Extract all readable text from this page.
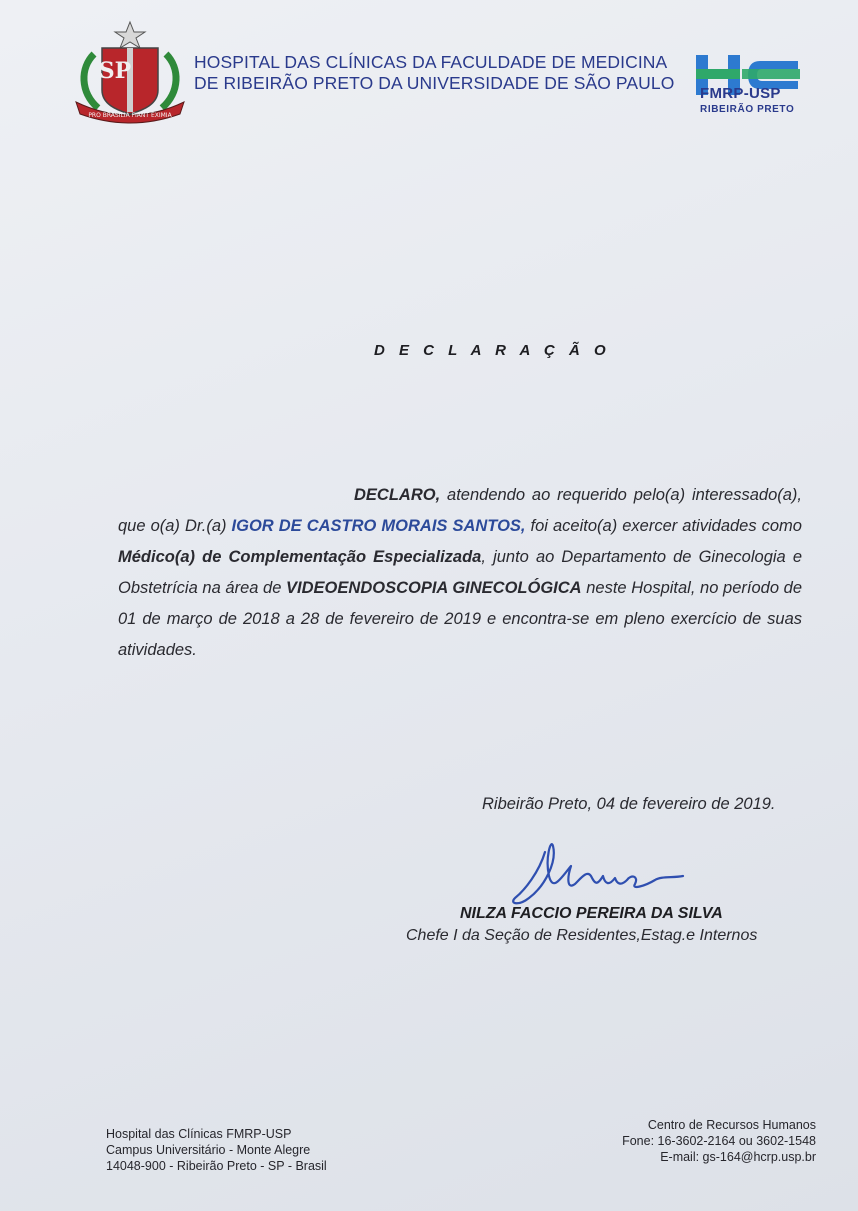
SP
PRO BRASILIA FIANT EXIMIA
HOSPITAL DAS CLÍNICAS DA FACULDADE DE MEDICINA
DE RIBEIRÃO PRETO DA UNIVERSIDADE DE SÃO PAULO
HC
FMRP-USP
RIBEIRÃO PRETO
D E C L A R A Ç Ã O
DECLARO, atendendo ao requerido pelo(a) interessado(a), que o(a) Dr.(a) IGOR DE CASTRO MORAIS SANTOS, foi aceito(a) exercer atividades como Médico(a) de Complementação Especializada, junto ao Departamento de Ginecologia e Obstetrícia na área de VIDEOENDOSCOPIA GINECOLÓGICA neste Hospital, no período de 01 de março de 2018 a 28 de fevereiro de 2019 e encontra-se em pleno exercício de suas atividades.
Ribeirão Preto, 04 de fevereiro de 2019.
NILZA FACCIO PEREIRA DA SILVA
Chefe I da Seção de Residentes,Estag.e Internos
Hospital das Clínicas FMRP-USP
Campus Universitário - Monte Alegre
14048-900 - Ribeirão Preto - SP - Brasil
Centro de Recursos Humanos
Fone: 16-3602-2164 ou 3602-1548
E-mail: gs-164@hcrp.usp.br
